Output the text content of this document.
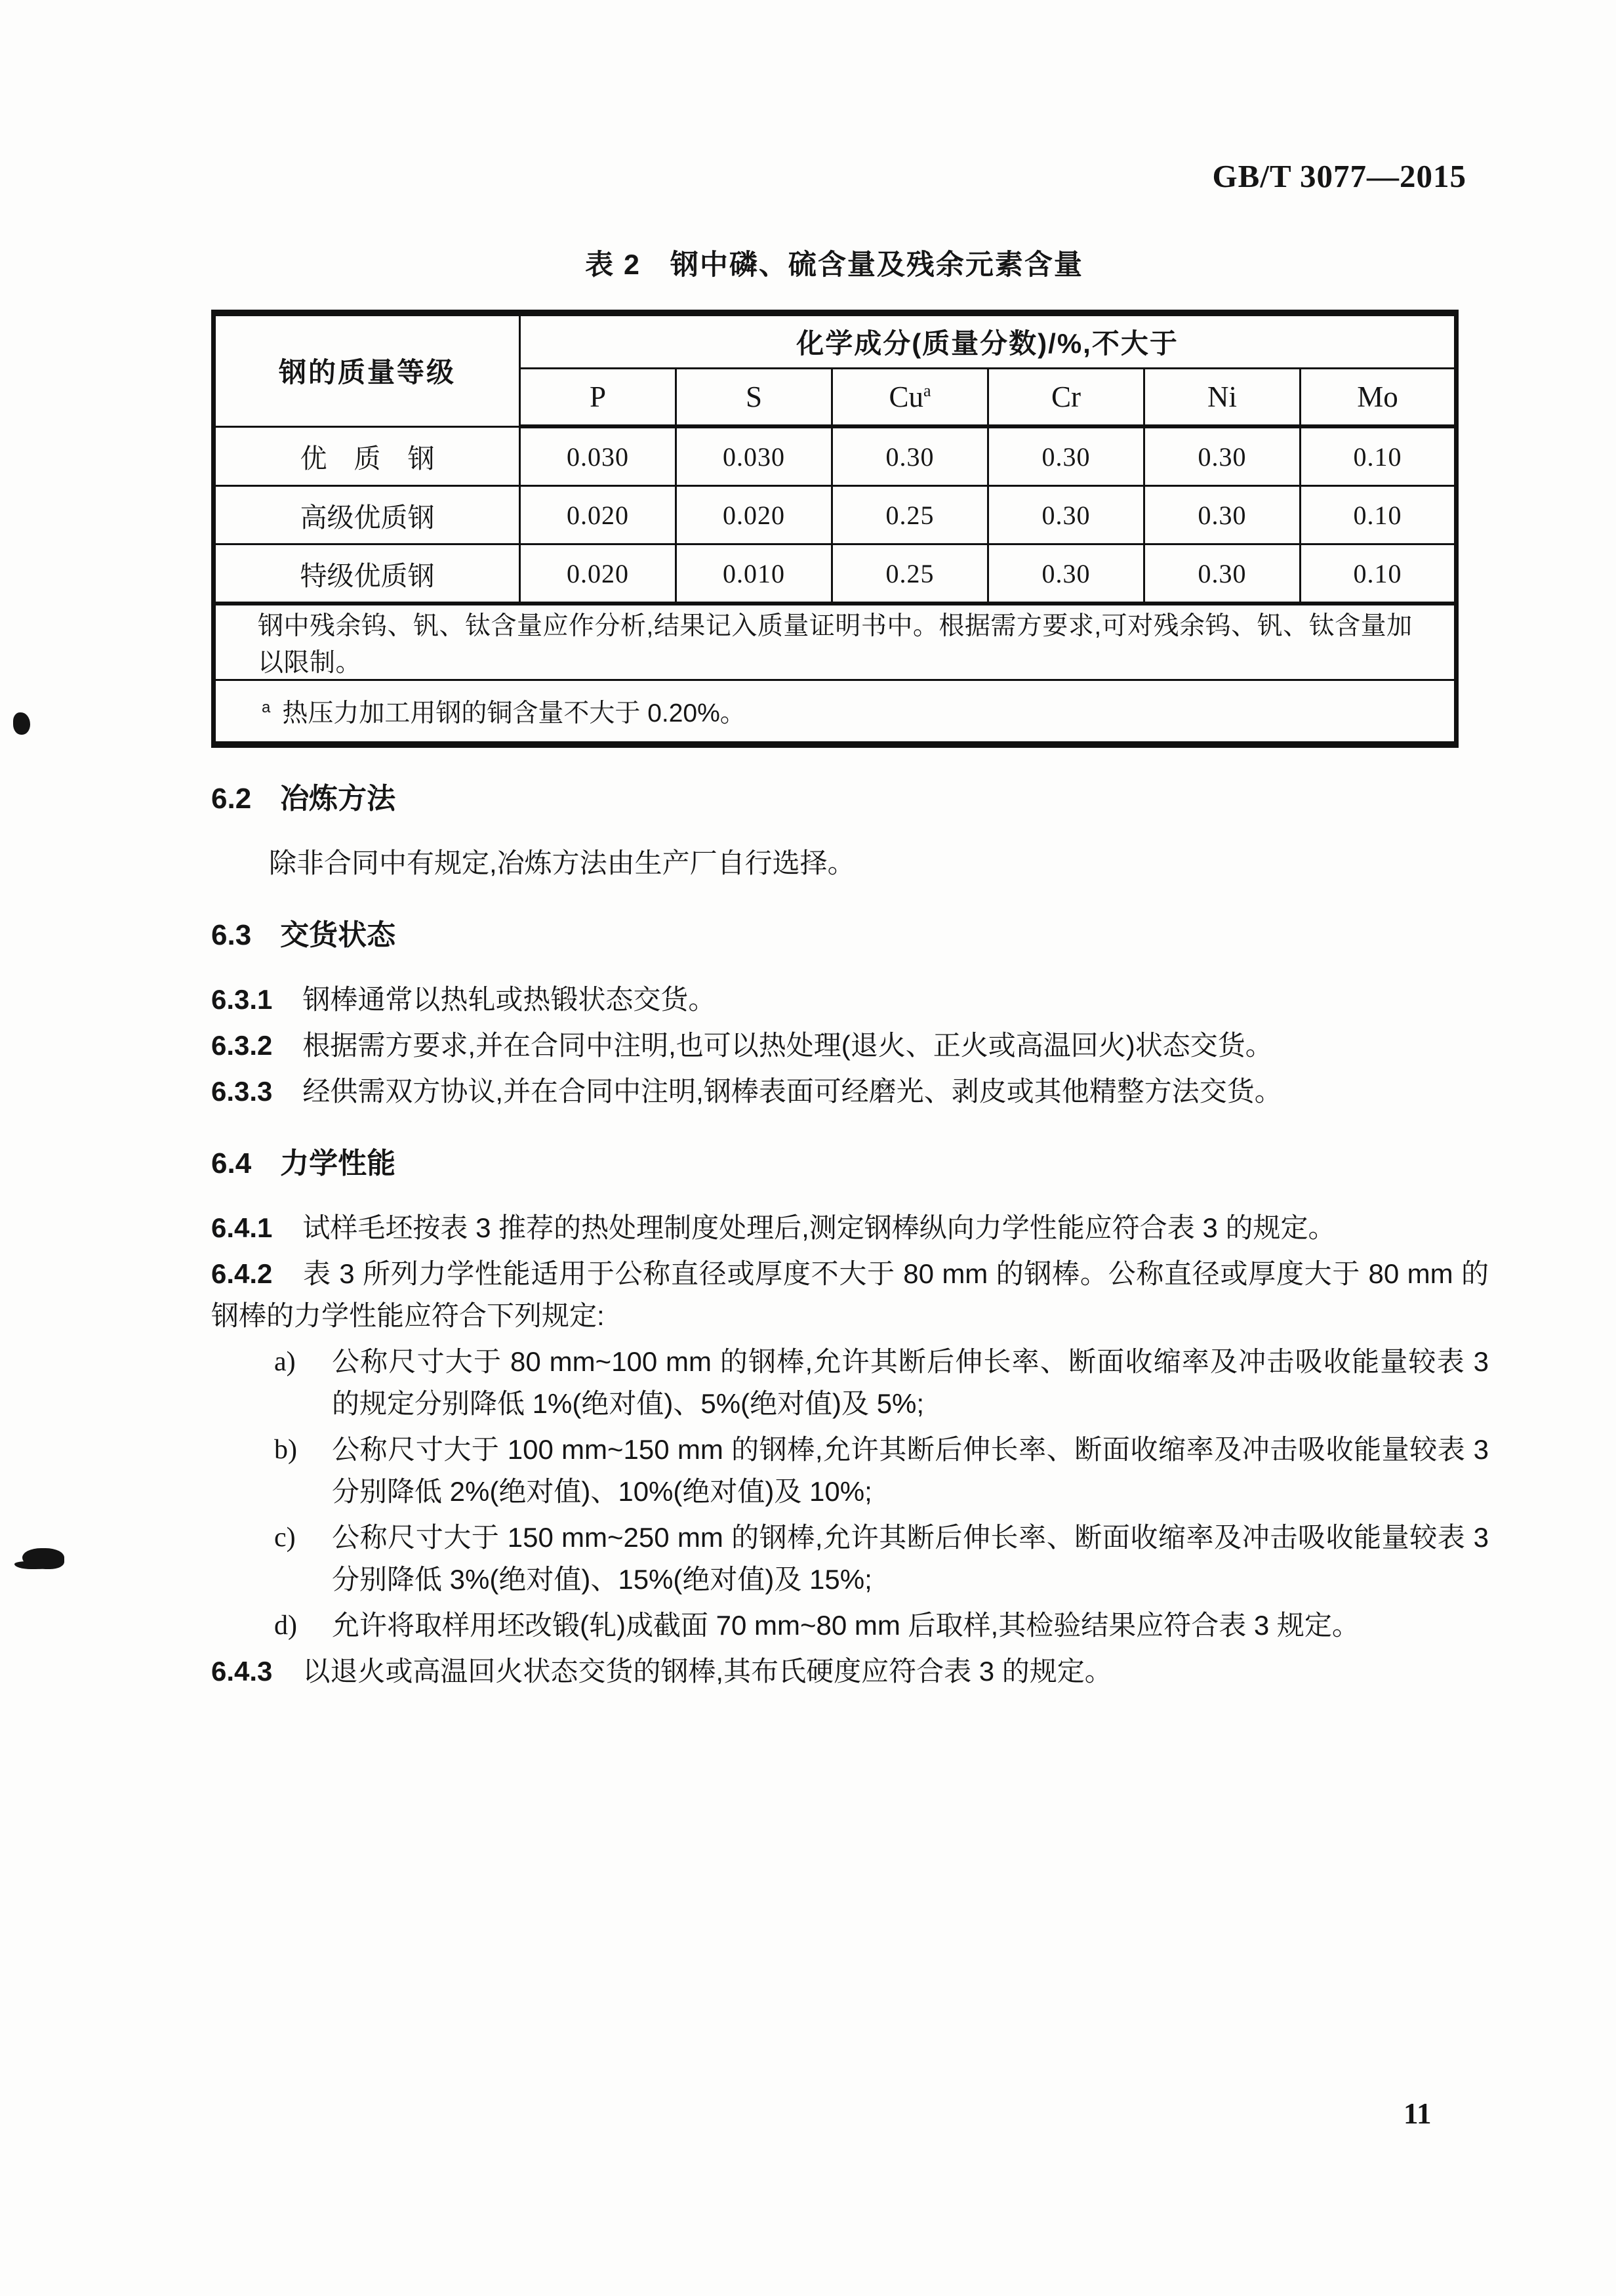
GB/T 3077—2015
表 2　钢中磷、硫含量及残余元素含量
钢的质量等级	化学成分(质量分数)/%,不大于					
	P	S	Cu$^a$	Cr	Ni	Mo
优　质　钢	0.030	0.030	0.30	0.30	0.30	0.10
高级优质钢	0.020	0.020	0.25	0.30	0.30	0.10
特级优质钢	0.020	0.010	0.25	0.30	0.30	0.10
钢中残余钨、钒、钛含量应作分析,结果记入质量证明书中。根据需方要求,可对残余钨、钒、钛含量加以限制。						
$^a$ 热压力加工用钢的铜含量不大于 0.20%。						
6.2 冶炼方法

除非合同中有规定,冶炼方法由生产厂自行选择。

6.3 交货状态
6.3.1 钢棒通常以热轧或热锻状态交货。
6.3.2 根据需方要求,并在合同中注明,也可以热处理(退火、正火或高温回火)状态交货。
6.3.3 经供需双方协议,并在合同中注明,钢棒表面可经磨光、剥皮或其他精整方法交货。
6.4 力学性能
6.4.1 试样毛坯按表 3 推荐的热处理制度处理后,测定钢棒纵向力学性能应符合表 3 的规定。
6.4.2 表 3 所列力学性能适用于公称直径或厚度不大于 80 mm 的钢棒。公称直径或厚度大于 80 mm 的钢棒的力学性能应符合下列规定:
a) 公称尺寸大于 80 mm~100 mm 的钢棒,允许其断后伸长率、断面收缩率及冲击吸收能量较表 3 的规定分别降低 1%(绝对值)、5%(绝对值)及 5%;
b) 公称尺寸大于 100 mm~150 mm 的钢棒,允许其断后伸长率、断面收缩率及冲击吸收能量较表 3 分别降低 2%(绝对值)、10%(绝对值)及 10%;
c) 公称尺寸大于 150 mm~250 mm 的钢棒,允许其断后伸长率、断面收缩率及冲击吸收能量较表 3 分别降低 3%(绝对值)、15%(绝对值)及 15%;
d) 允许将取样用坯改锻(轧)成截面 70 mm~80 mm 后取样,其检验结果应符合表 3 规定。
6.4.3 以退火或高温回火状态交货的钢棒,其布氏硬度应符合表 3 的规定。
11
